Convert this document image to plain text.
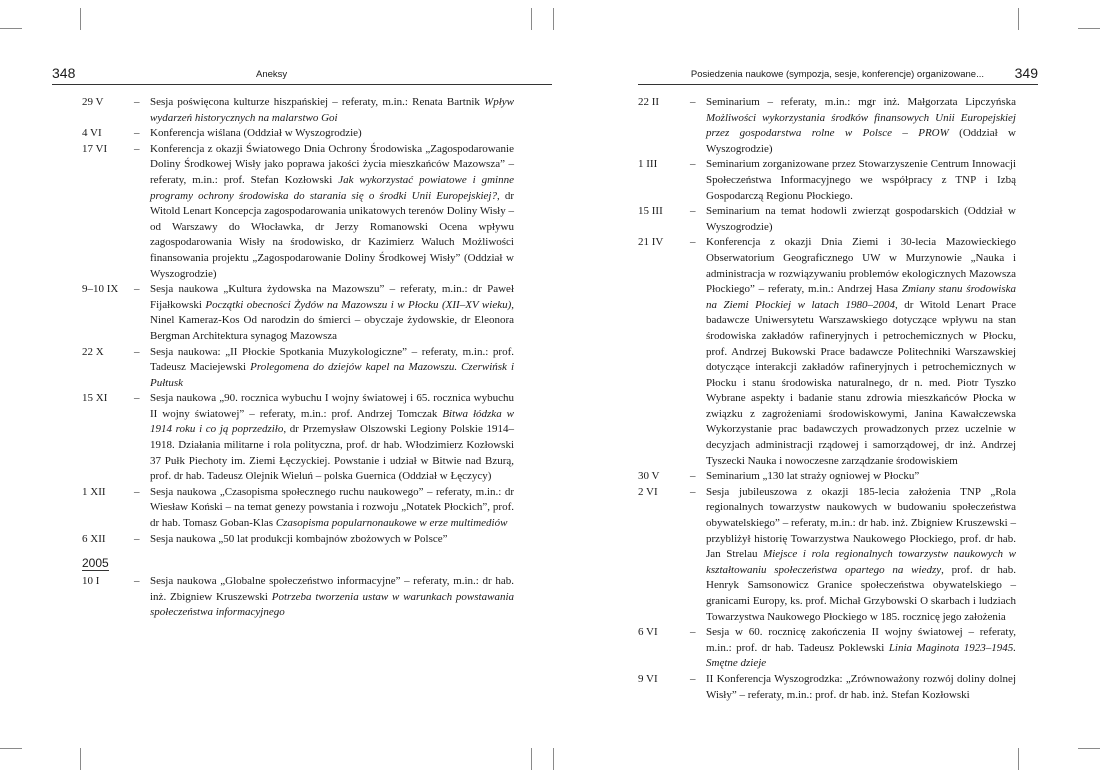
348	Aneksy
29 V	– Sesja poświęcona kulturze hiszpańskiej – referaty, m.in.: Renata Bartnik Wpływ wydarzeń historycznych na malarstwo Goi
4 VI	– Konferencja wiślana (Oddział w Wyszogrodzie)
17 VI	– Konferencja z okazji Światowego Dnia Ochrony Środowiska „Zagospodarowanie Doliny Środkowej Wisły jako poprawa jakości życia mieszkańców Mazowsza” – referaty, m.in.: prof. Stefan Kozłowski Jak wykorzystać powiatowe i gminne programy ochrony środowiska do starania się o środki Unii Europejskiej?, dr Witold Lenart Koncepcja zagospodarowania unikatowych terenów Doliny Wisły – od Warszawy do Włocławka, dr Jerzy Romanowski Ocena wpływu zagospodarowania Wisły na środowisko, dr Kazimierz Waluch Możliwości finansowania projektu „Zagospodarowanie Doliny Środkowej Wisły” (Oddział w Wyszogrodzie)
9–10 IX	– Sesja naukowa „Kultura żydowska na Mazowszu” – referaty, m.in.: dr Paweł Fijałkowski Początki obecności Żydów na Mazowszu i w Płocku (XII–XV wieku), Ninel Kameraz-Kos Od narodzin do śmierci – obyczaje żydowskie, dr Eleonora Bergman Architektura synagog Mazowsza
22 X	– Sesja naukowa: „II Płockie Spotkania Muzykologiczne” – referaty, m.in.: prof. Tadeusz Maciejewski Prolegomena do dziejów kapel na Mazowszu. Czerwińsk i Pułtusk
15 XI	– Sesja naukowa „90. rocznica wybuchu I wojny światowej i 65. rocznica wybuchu II wojny światowej” – referaty, m.in.: prof. Andrzej Tomczak Bitwa łódzka w 1914 roku i co ją poprzedziło, dr Przemysław Olszowski Legiony Polskie 1914–1918. Działania militarne i rola polityczna, prof. dr hab. Włodzimierz Kozłowski 37 Pułk Piechoty im. Ziemi Łęczyckiej. Powstanie i udział w Bitwie nad Bzurą, prof. dr hab. Tadeusz Olejnik Wieluń – polska Guernica (Oddział w Łęczycy)
1 XII	– Sesja naukowa „Czasopisma społecznego ruchu naukowego” – referaty, m.in.: dr Wiesław Koński – na temat genezy powstania i rozwoju „Notatek Płockich”, prof. dr hab. Tomasz Goban-Klas Czasopisma popularnonaukowe w erze multimediów
6 XII	– Sesja naukowa „50 lat produkcji kombajnów zbożowych w Polsce”
2005
10 I	– Sesja naukowa „Globalne społeczeństwo informacyjne” – referaty, m.in.: dr hab. inż. Zbigniew Kruszewski Potrzeba tworzenia ustaw w warunkach powstawania społeczeństwa informacyjnego
Posiedzenia naukowe (sympozja, sesje, konferencje) organizowane... 349
22 II	– Seminarium – referaty, m.in.: mgr inż. Małgorzata Lipczyńska Możliwości wykorzystania środków finansowych Unii Europejskiej przez gospodarstwa rolne w Polsce – PROW (Oddział w Wyszogrodzie)
1 III	– Seminarium zorganizowane przez Stowarzyszenie Centrum Innowacji Społeczeństwa Informacyjnego we współpracy z TNP i Izbą Gospodarczą Regionu Płockiego.
15 III	– Seminarium na temat hodowli zwierząt gospodarskich (Oddział w Wyszogrodzie)
21 IV	– Konferencja z okazji Dnia Ziemi i 30-lecia Mazowieckiego Obserwatorium Geograficznego UW w Murzynowie „Nauka i administracja w rozwiązywaniu problemów ekologicznych Mazowsza Płockiego” – referaty, m.in.: Andrzej Hasa Zmiany stanu środowiska na Ziemi Płockiej w latach 1980–2004, dr Witold Lenart Prace badawcze Uniwersytetu Warszawskiego dotyczące wpływu na stan środowiska zakładów rafineryjnych i petrochemicznych w Płocku, prof. Andrzej Bukowski Prace badawcze Politechniki Warszawskiej dotyczące interakcji zakładów rafineryjnych i petrochemicznych w Płocku i stanu środowiska naturalnego, dr n. med. Piotr Tyszko Wybrane aspekty i badanie stanu zdrowia mieszkańców Płocka w związku z zagrożeniami środowiskowymi, Janina Kawałczewska Wykorzystanie prac badawczych prowadzonych przez uczelnie w decyzjach administracji rządowej i samorządowej, dr inż. Andrzej Tyszecki Nauka i nowoczesne zarządzanie środowiskiem
30 V	– Seminarium „130 lat straży ogniowej w Płocku”
2 VI	– Sesja jubileuszowa z okazji 185-lecia założenia TNP „Rola regionalnych towarzystw naukowych w budowaniu społeczeństwa obywatelskiego” – referaty, m.in.: dr hab. inż. Zbigniew Kruszewski – przybliżył historię Towarzystwa Naukowego Płockiego, prof. dr hab. Jan Strelau Miejsce i rola regionalnych towarzystw naukowych w kształtowaniu społeczeństwa opartego na wiedzy, prof. dr hab. Henryk Samsonowicz Granice społeczeństwa obywatelskiego – granicami Europy, ks. prof. Michał Grzybowski O skarbach i ludziach Towarzystwa Naukowego Płockiego w 185. rocznicę jego założenia
6 VI	– Sesja w 60. rocznicę zakończenia II wojny światowej – referaty, m.in.: prof. dr hab. Tadeusz Poklewski Linia Maginota 1923–1945. Smętne dzieje
9 VI	– II Konferencja Wyszogrodzka: „Zrównoważony rozwój doliny dolnej Wisły” – referaty, m.in.: prof. dr hab. inż. Stefan Kozłowski
